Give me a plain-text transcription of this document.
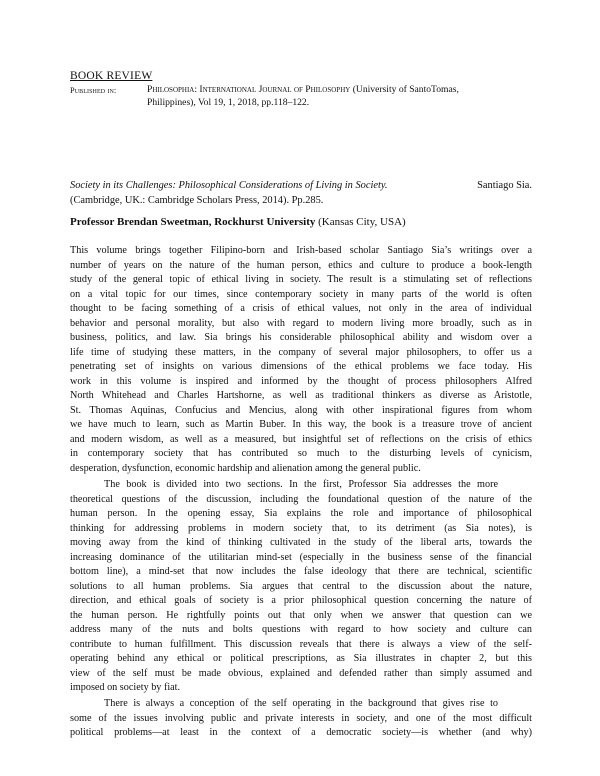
BOOK REVIEW
Published in:	Philosophia: International Journal of Philosophy (University of SantoTomas,
Philippines), Vol 19, 1, 2018, pp.118–122.
Society in its Challenges: Philosophical Considerations of Living in Society.	Santiago Sia.
(Cambridge, UK.: Cambridge Scholars Press, 2014). Pp.285.
Professor Brendan Sweetman, Rockhurst University (Kansas City, USA)
This volume brings together Filipino-born and Irish-based scholar Santiago Sia’s writings over a
number of years on the nature of the human person, ethics and culture to produce a book-length
study of the general topic of ethical living in society. The result is a stimulating set of reflections
on a vital topic for our times, since contemporary society in many parts of the world is often
thought to be facing something of a crisis of ethical values, not only in the area of individual
behavior and personal morality, but also with regard to modern living more broadly, such as in
business, politics, and law. Sia brings his considerable philosophical ability and wisdom over a
life time of studying these matters, in the company of several major philosophers, to offer us a
penetrating set of insights on various dimensions of the ethical problems we face today. His
work in this volume is inspired and informed by the thought of process philosophers Alfred
North Whitehead and Charles Hartshorne, as well as traditional thinkers as diverse as Aristotle,
St. Thomas Aquinas, Confucius and Mencius, along with other inspirational figures from whom
we have much to learn, such as Martin Buber. In this way, the book is a treasure trove of ancient
and modern wisdom, as well as a measured, but insightful set of reflections on the crisis of ethics
in contemporary society that has contributed so much to the disturbing levels of cynicism,
desperation, dysfunction, economic hardship and alienation among the general public.
The book is divided into two sections. In the first, Professor Sia addresses the more
theoretical questions of the discussion, including the foundational question of the nature of the
human person. In the opening essay, Sia explains the role and importance of philosophical
thinking for addressing problems in modern society that, to its detriment (as Sia notes), is
moving away from the kind of thinking cultivated in the study of the liberal arts, towards the
increasing dominance of the utilitarian mind-set (especially in the business sense of the financial
bottom line), a mind-set that now includes the false ideology that there are technical, scientific
solutions to all human problems. Sia argues that central to the discussion about the nature,
direction, and ethical goals of society is a prior philosophical question concerning the nature of
the human person. He rightfully points out that only when we answer that question can we
address many of the nuts and bolts questions with regard to how society and culture can
contribute to human fulfillment. This discussion reveals that there is always a view of the self-
operating behind any ethical or political prescriptions, as Sia illustrates in chapter 2, but this
view of the self must be made obvious, explained and defended rather than simply assumed and
imposed on society by fiat.
There is always a conception of the self operating in the background that gives rise to
some of the issues involving public and private interests in society, and one of the most difficult
political problems—at least in the context of a democratic society—is whether (and why)
